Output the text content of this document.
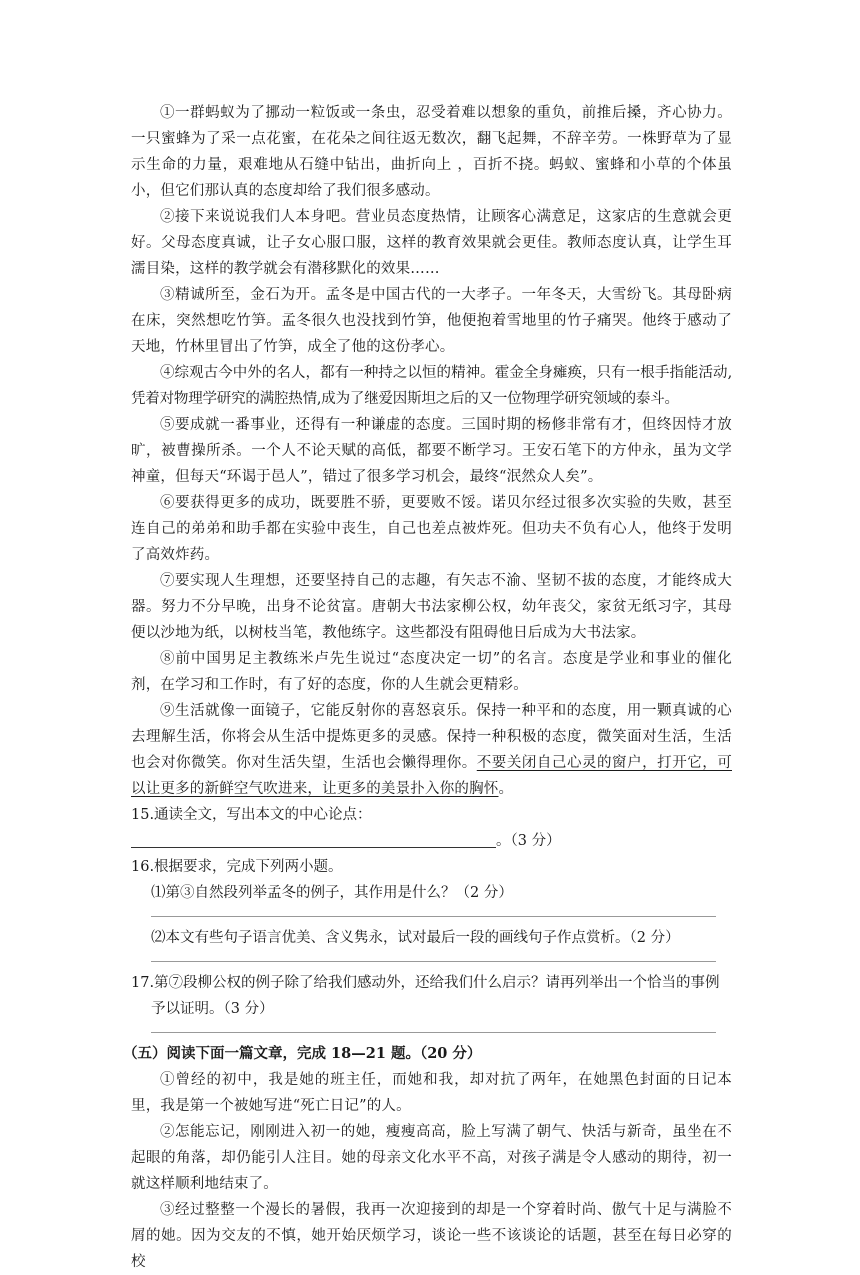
①一群蚂蚁为了挪动一粒饭或一条虫，忍受着难以想象的重负，前推后搡，齐心协力。一只蜜蜂为了采一点花蜜，在花朵之间往返无数次，翻飞起舞，不辞辛劳。一株野草为了显示生命的力量，艰难地从石缝中钻出，曲折向上 ，百折不挠。蚂蚁、蜜蜂和小草的个体虽小，但它们那认真的态度却给了我们很多感动。

②接下来说说我们人本身吧。营业员态度热情，让顾客心满意足，这家店的生意就会更好。父母态度真诚，让子女心服口服，这样的教育效果就会更佳。教师态度认真，让学生耳濡目染，这样的教学就会有潜移默化的效果……

③精诚所至，金石为开。孟冬是中国古代的一大孝子。一年冬天，大雪纷飞。其母卧病在床，突然想吃竹笋。孟冬很久也没找到竹笋，他便抱着雪地里的竹子痛哭。他终于感动了天地，竹林里冒出了竹笋，成全了他的这份孝心。

④综观古今中外的名人，都有一种持之以恒的精神。霍金全身瘫痪，只有一根手指能活动,凭着对物理学研究的满腔热情,成为了继爱因斯坦之后的又一位物理学研究领域的泰斗。

⑤要成就一番事业，还得有一种谦虚的态度。三国时期的杨修非常有才，但终因恃才放旷，被曹操所杀。一个人不论天赋的高低，都要不断学习。王安石笔下的方仲永，虽为文学神童，但每天“环谒于邑人”，错过了很多学习机会，最终“泯然众人矣”。

⑥要获得更多的成功，既要胜不骄，更要败不馁。诺贝尔经过很多次实验的失败，甚至连自己的弟弟和助手都在实验中丧生，自己也差点被炸死。但功夫不负有心人，他终于发明了高效炸药。

⑦要实现人生理想，还要坚持自己的志趣，有矢志不渝、坚韧不拔的态度，才能终成大器。努力不分早晚，出身不论贫富。唐朝大书法家柳公权，幼年丧父，家贫无纸习字，其母便以沙地为纸，以树枝当笔，教他练字。这些都没有阻碍他日后成为大书法家。

⑧前中国男足主教练米卢先生说过“态度决定一切”的名言。态度是学业和事业的催化剂，在学习和工作时，有了好的态度，你的人生就会更精彩。

⑨生活就像一面镜子，它能反射你的喜怒哀乐。保持一种平和的态度，用一颗真诚的心去理解生活，你将会从生活中提炼更多的灵感。保持一种积极的态度，微笑面对生活，生活也会对你微笑。你对生活失望，生活也会懒得理你。不要关闭自己心灵的窗户，打开它，可以让更多的新鲜空气吹进来，让更多的美景扑入你的胸怀。

15.通读全文，写出本文的中心论点：。（3 分）

16.根据要求，完成下列两小题。

⑴第③自然段列举孟冬的例子，其作用是什么？（2 分）

⑵本文有些句子语言优美、含义隽永，试对最后一段的画线句子作点赏析。（2 分）

17.第⑦段柳公权的例子除了给我们感动外，还给我们什么启示？请再列举出一个恰当的事例予以证明。（3 分）

（五）阅读下面一篇文章，完成 18—21 题。（20 分）

①曾经的初中，我是她的班主任，而她和我，却对抗了两年，在她黑色封面的日记本里，我是第一个被她写进“死亡日记”的人。

②怎能忘记，刚刚进入初一的她，瘦瘦高高，脸上写满了朝气、快活与新奇，虽坐在不起眼的角落，却仍能引人注目。她的母亲文化水平不高，对孩子满是令人感动的期待，初一就这样顺利地结束了。

③经过整整一个漫长的暑假，我再一次迎接到的却是一个穿着时尚、傲气十足与满脸不屑的她。因为交友的不慎，她开始厌烦学习，谈论一些不该谈论的话题，甚至在每日必穿的校
